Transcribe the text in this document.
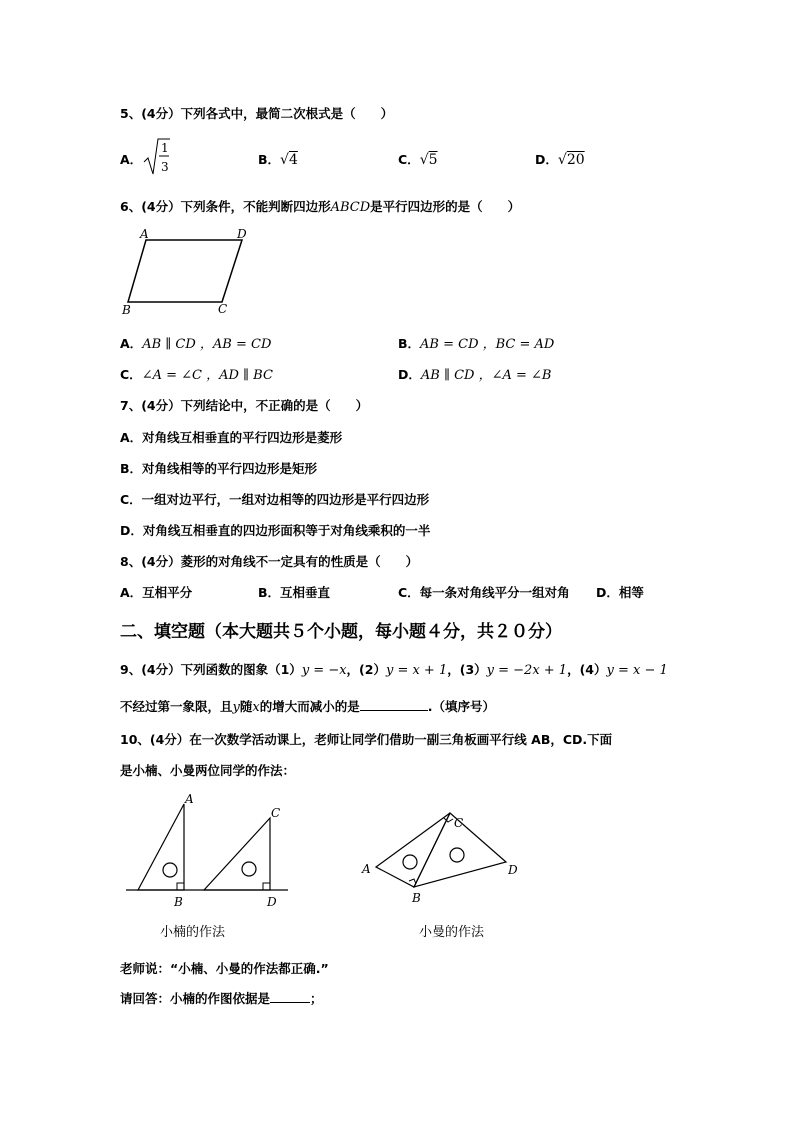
5、(4分）下列各式中，最简二次根式是（　　）
A．
1
3	B．√4	C．√5	D．√20
6、(4分）下列条件，不能判断四边形ABCD是平行四边形的是（　　）
A	D
B	C
A．AB ∥ CD ，AB = CD	B．AB = CD ，BC = AD
C．∠A = ∠C ，AD ∥ BC	D．AB ∥ CD ，∠A = ∠B
7、(4分）下列结论中，不正确的是（　　）
A．对角线互相垂直的平行四边形是菱形
B．对角线相等的平行四边形是矩形
C．一组对边平行，一组对边相等的四边形是平行四边形
D．对角线互相垂直的四边形面积等于对角线乘积的一半
8、(4分）菱形的对角线不一定具有的性质是（　　）
A．互相平分	B．互相垂直	C．每一条对角线平分一组对角 D．相等
二、填空题（本大题共５个小题，每小题４分，共２０分）
9、(4分）下列函数的图象（1）y = −x，(2）y = x + 1，(3）y = −2x + 1，(4）y = x − 1
不经过第一象限，且y随x的增大而减小的是	.（填序号）
10、(4分）在一次数学活动课上，老师让同学们借助一副三角板画平行线 AB，CD.下面
是小楠、小曼两位同学的作法：
A
C
B	D
A
B
C
D
小楠的作法	小曼的作法
老师说：“小楠、小曼的作法都正确.”
请回答：小楠的作图依据是	；
